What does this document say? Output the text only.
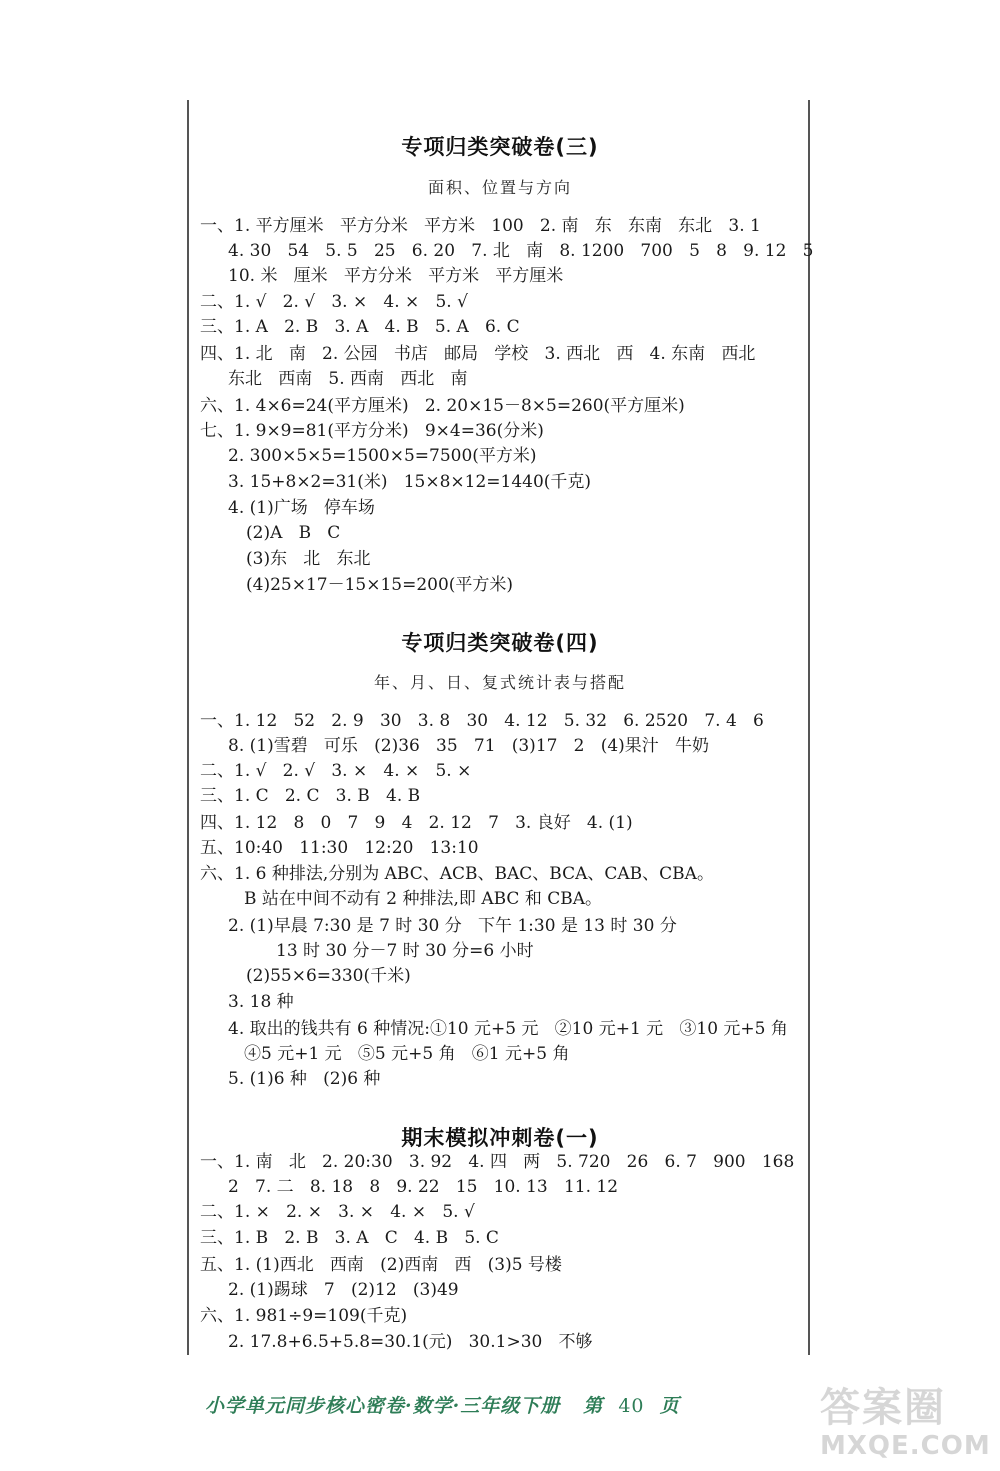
专项归类突破卷(三)
面积、位置与方向
一、1. 平方厘米   平方分米   平方米   100   2. 南   东   东南   东北   3. 1
4. 30   54   5. 5   25   6. 20   7. 北   南   8. 1200   700   5   8   9. 12   5
10. 米   厘米   平方分米   平方米   平方厘米
二、1. √   2. √   3. ×   4. ×   5. √
三、1. A   2. B   3. A   4. B   5. A   6. C
四、1. 北   南   2. 公园   书店   邮局   学校   3. 西北   西   4. 东南   西北
东北   西南   5. 西南   西北   南
六、1. 4×6=24(平方厘米)   2. 20×15－8×5=260(平方厘米)
七、1. 9×9=81(平方分米)   9×4=36(分米)
2. 300×5×5=1500×5=7500(平方米)
3. 15+8×2=31(米)   15×8×12=1440(千克)
4. (1)广场   停车场
(2)A   B   C
(3)东   北   东北
(4)25×17－15×15=200(平方米)
专项归类突破卷(四)
年、月、日、复式统计表与搭配
一、1. 12   52   2. 9   30   3. 8   30   4. 12   5. 32   6. 2520   7. 4   6
8. (1)雪碧   可乐   (2)36   35   71   (3)17   2   (4)果汁   牛奶
二、1. √   2. √   3. ×   4. ×   5. ×
三、1. C   2. C   3. B   4. B
四、1. 12   8   0   7   9   4   2. 12   7   3. 良好   4. (1)
五、10:40   11:30   12:20   13:10
六、1. 6 种排法,分别为 ABC、ACB、BAC、BCA、CAB、CBA。
B 站在中间不动有 2 种排法,即 ABC 和 CBA。
2. (1)早晨 7:30 是 7 时 30 分   下午 1:30 是 13 时 30 分
13 时 30 分－7 时 30 分=6 小时
(2)55×6=330(千米)
3. 18 种
4. 取出的钱共有 6 种情况:①10 元+5 元   ②10 元+1 元   ③10 元+5 角
④5 元+1 元   ⑤5 元+5 角   ⑥1 元+5 角
5. (1)6 种   (2)6 种
期末模拟冲刺卷(一)
一、1. 南   北   2. 20:30   3. 92   4. 四   两   5. 720   26   6. 7   900   168
2   7. 二   8. 18   8   9. 22   15   10. 13   11. 12
二、1. ×   2. ×   3. ×   4. ×   5. √
三、1. B   2. B   3. A   C   4. B   5. C
五、1. (1)西北   西南   (2)西南   西   (3)5 号楼
2. (1)踢球   7   (2)12   (3)49
六、1. 981÷9=109(千克)
2. 17.8+6.5+5.8=30.1(元)   30.1>30   不够
小学单元同步核心密卷·数学·三年级下册 第 40 页	答案圈
MXQE.COM
